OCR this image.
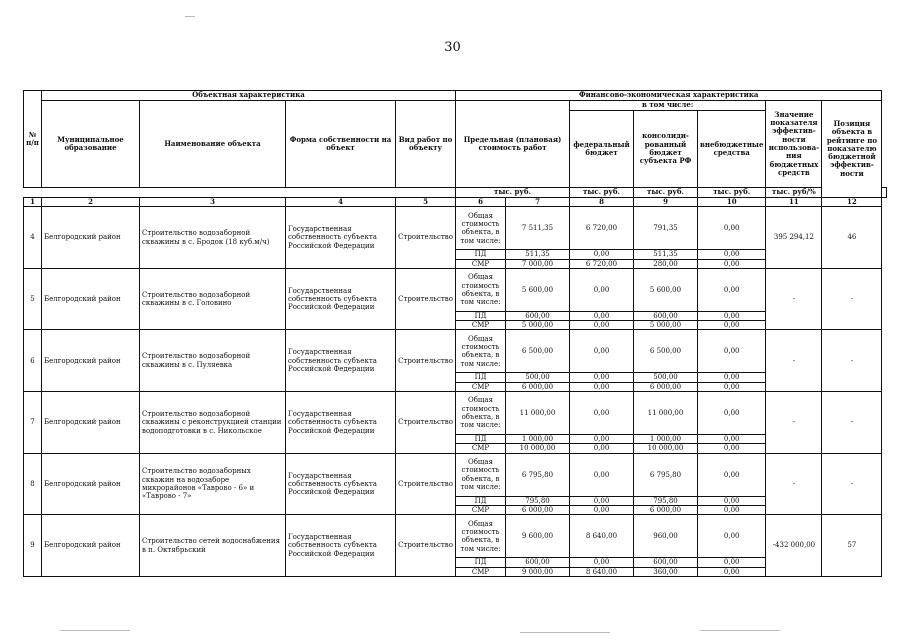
30
№ п/п	Объектная характеристика				Финансово-экономическая характеристика							
	Муниципальное образование	Наименование объекта	Форма собственности на объект	Вид работ по объекту	Предельная (плановая) стоимость работ		в том числе:			Значение показателя эффектив- ности использова- ния бюджетных средств	Позиция объекта в рейтинге по показателю бюджетной эффектив- ности	
							федеральный бюджет	консолиди- рованный бюджет субъекта РФ	внебюджетные средства			
					тыс. руб.		тыс. руб.	тыс. руб.	тыс. руб.	тыс. руб/%		
1	2	3	4	5	6	7	8	9	10	11	12	
4	Белгородский район	Строительство водозаборной скважины в с. Бродок (18 куб.м/ч)	Государственная собственность субъекта Российской Федерации	Строительство	Общая стоимость объекта, в том числе:	7 511,35	6 720,00	791,35	0,00	395 294,12	46	
					ПД	511,35	0,00	511,35	0,00			
					СМР	7 000,00	6 720,00	280,00	0,00			
5	Белгородский район	Строительство водозаборной скважины в с. Головино	Государственная собственность субъекта Российской Федерации	Строительство	Общая стоимость объекта, в том числе:	5 600,00	0,00	5 600,00	0,00	-	-	
					ПД	600,00	0,00	600,00	0,00			
					СМР	5 000,00	0,00	5 000,00	0,00			
6	Белгородский район	Строительство водозаборной скважины в с. Пуляевка	Государственная собственность субъекта Российской Федерации	Строительство	Общая стоимость объекта, в том числе:	6 500,00	0,00	6 500,00	0,00	-	-	
					ПД	500,00	0,00	500,00	0,00			
					СМР	6 000,00	0,00	6 000,00	0,00			
7	Белгородский район	Строительство водозаборной скважины с реконструкцией станции водоподготовки в с. Никольское	Государственная собственность субъекта Российской Федерации	Строительство	Общая стоимость объекта, в том числе:	11 000,00	0,00	11 000,00	0,00	-	-	
					ПД	1 000,00	0,00	1 000,00	0,00			
					СМР	10 000,00	0,00	10 000,00	0,00			
8	Белгородский район	Строительство водозаборных скважин на водозаборе микрорайонов «Таврово - 6» и «Таврово - 7»	Государственная собственность субъекта Российской Федерации	Строительство	Общая стоимость объекта, в том числе:	6 795,80	0,00	6 795,80	0,00	-	-	
					ПД	795,80	0,00	795,80	0,00			
					СМР	6 000,00	0,00	6 000,00	0,00			
9	Белгородский район	Строительство сетей водоснабжения в п. Октябрьский	Государственная собственность субъекта Российской Федерации	Строительство	Общая стоимость объекта, в том числе:	9 600,00	8 640,00	960,00	0,00	-432 000,00	57	
					ПД	600,00	0,00	600,00	0,00			
					СМР	9 000,00	8 640,00	360,00	0,00			
